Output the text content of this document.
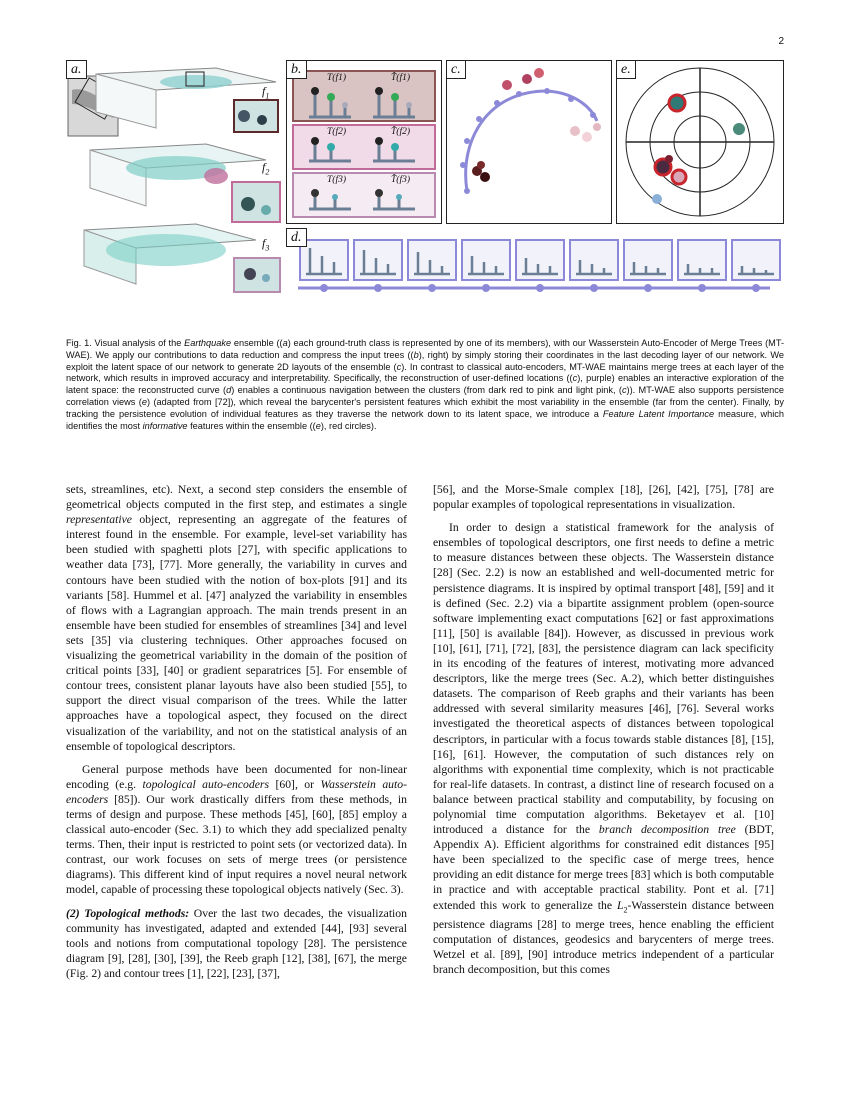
2
a.
$f_1$
$f_2$
$f_3$
b.
T(f1)	T̂(f1)
T(f2)	T̂(f2)
T(f3)	T̂(f3)
c.	e.
d.
Fig. 1. Visual analysis of the Earthquake ensemble ((a) each ground-truth class is represented by one of its members), with our Wasserstein Auto-Encoder of Merge Trees (MT-WAE). We apply our contributions to data reduction and compress the input trees ((b), right) by simply storing their coordinates in the last decoding layer of our network. We exploit the latent space of our network to generate 2D layouts of the ensemble (c). In contrast to classical auto-encoders, MT-WAE maintains merge trees at each layer of the network, which results in improved accuracy and interpretability. Specifically, the reconstruction of user-defined locations ((c), purple) enables an interactive exploration of the latent space: the reconstructed curve (d) enables a continuous navigation between the clusters (from dark red to pink and light pink, (c)). MT-WAE also supports persistence correlation views (e) (adapted from [72]), which reveal the barycenter's persistent features which exhibit the most variability in the ensemble (far from the center). Finally, by tracking the persistence evolution of individual features as they traverse the network down to its latent space, we introduce a Feature Latent Importance measure, which identifies the most informative features within the ensemble ((e), red circles).

sets, streamlines, etc). Next, a second step considers the ensemble of geometrical objects computed in the first step, and estimates a single representative object, representing an aggregate of the features of interest found in the ensemble. For example, level-set variability has been studied with spaghetti plots [27], with specific applications to weather data [73], [77]. More generally, the variability in curves and contours have been studied with the notion of box-plots [91] and its variants [58]. Hummel et al. [47] analyzed the variability in ensembles of flows with a Lagrangian approach. The main trends present in an ensemble have been studied for ensembles of streamlines [34] and level sets [35] via clustering techniques. Other approaches focused on visualizing the geometrical variability in the domain of the position of critical points [33], [40] or gradient separatrices [5]. For ensemble of contour trees, consistent planar layouts have also been studied [55], to support the direct visual comparison of the trees. While the latter approaches have a topological aspect, they focused on the direct visualization of the variability, and not on the statistical analysis of an ensemble of topological descriptors.

General purpose methods have been documented for non-linear encoding (e.g. topological auto-encoders [60], or Wasserstein auto-encoders [85]). Our work drastically differs from these methods, in terms of design and purpose. These methods [45], [60], [85] employ a classical auto-encoder (Sec. 3.1) to which they add specialized penalty terms. Then, their input is restricted to point sets (or vectorized data). In contrast, our work focuses on sets of merge trees (or persistence diagrams). This different kind of input requires a novel neural network model, capable of processing these topological objects natively (Sec. 3).

(2) Topological methods: Over the last two decades, the visualization community has investigated, adapted and extended [44], [93] several tools and notions from computational topology [28]. The persistence diagram [9], [28], [30], [39], the Reeb graph [12], [38], [67], the merge (Fig. 2) and contour trees [1], [22], [23], [37],

[56], and the Morse-Smale complex [18], [26], [42], [75], [78] are popular examples of topological representations in visualization.

In order to design a statistical framework for the analysis of ensembles of topological descriptors, one first needs to define a metric to measure distances between these objects. The Wasserstein distance [28] (Sec. 2.2) is now an established and well-documented metric for persistence diagrams. It is inspired by optimal transport [48], [59] and it is defined (Sec. 2.2) via a bipartite assignment problem (open-source software implementing exact computations [62] or fast approximations [11], [50] is available [84]). However, as discussed in previous work [10], [61], [71], [72], [83], the persistence diagram can lack specificity in its encoding of the features of interest, motivating more advanced descriptors, like the merge trees (Sec. A.2), which better distinguishes datasets. The comparison of Reeb graphs and their variants has been addressed with several similarity measures [46], [76]. Several works investigated the theoretical aspects of distances between topological descriptors, in particular with a focus towards stable distances [8], [15], [16], [61]. However, the computation of such distances rely on algorithms with exponential time complexity, which is not practicable for real-life datasets. In contrast, a distinct line of research focused on a balance between practical stability and computability, by focusing on polynomial time computation algorithms. Beketayev et al. [10] introduced a distance for the branch decomposition tree (BDT, Appendix A). Efficient algorithms for constrained edit distances [95] have been specialized to the specific case of merge trees, hence providing an edit distance for merge trees [83] which is both computable in practice and with acceptable practical stability. Pont et al. [71] extended this work to generalize the $L_2$-Wasserstein distance between persistence diagrams [28] to merge trees, hence enabling the efficient computation of distances, geodesics and barycenters of merge trees. Wetzel et al. [89], [90] introduce metrics independent of a particular branch decomposition, but this comes
